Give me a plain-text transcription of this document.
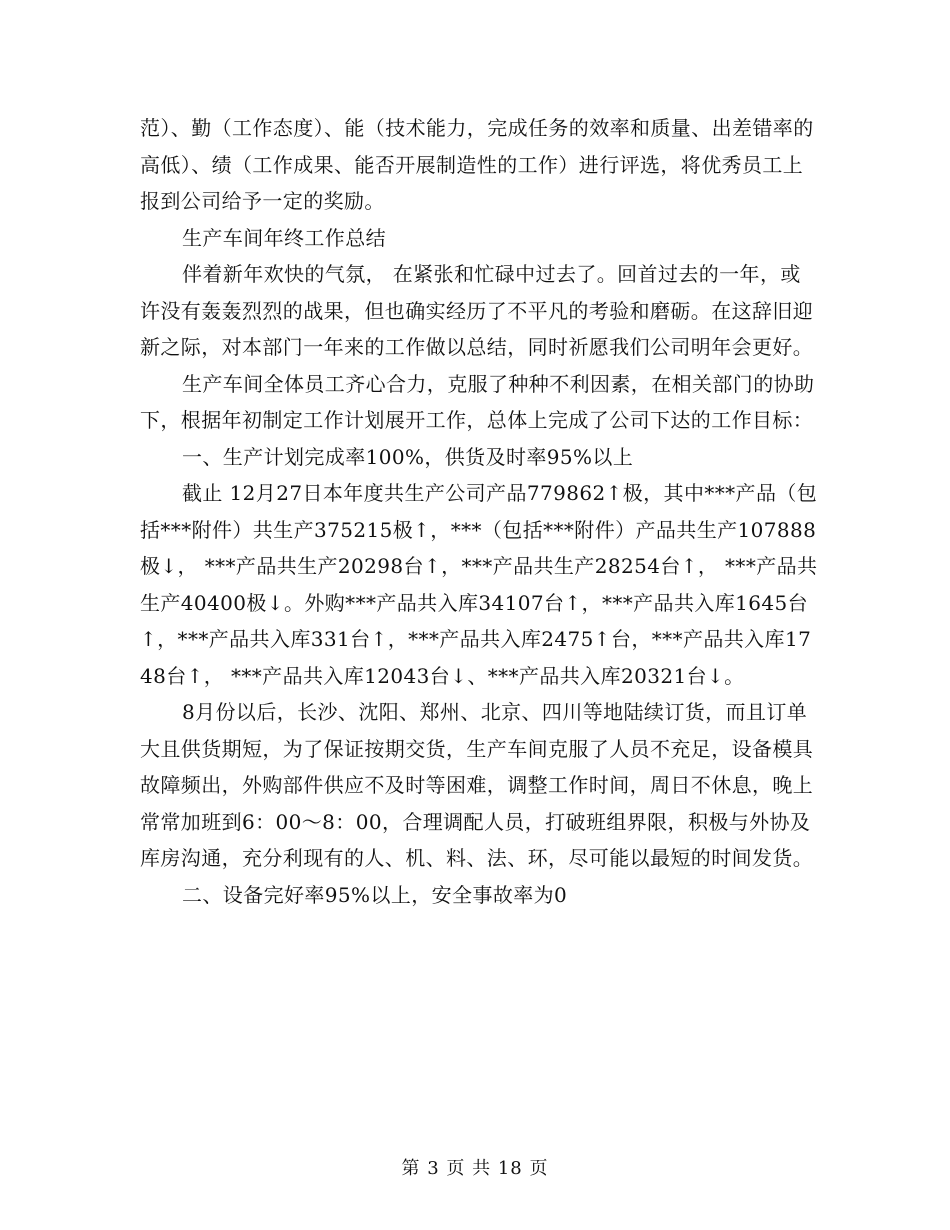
范）、勤（工作态度）、能（技术能力，完成任务的效率和质量、出差错率的高低）、绩（工作成果、能否开展制造性的工作）进行评选，将优秀员工上报到公司给予一定的奖励。

生产车间年终工作总结

伴着新年欢快的气氛， 在紧张和忙碌中过去了。回首过去的一年，或许没有轰轰烈烈的战果，但也确实经历了不平凡的考验和磨砺。在这辞旧迎新之际，对本部门一年来的工作做以总结，同时祈愿我们公司明年会更好。

生产车间全体员工齐心合力，克服了种种不利因素，在相关部门的协助下，根据年初制定工作计划展开工作，总体上完成了公司下达的工作目标：

一、生产计划完成率100%，供货及时率95%以上

截止 12月27日本年度共生产公司产品779862↑极，其中***产品（包括***附件）共生产375215极↑，***（包括***附件）产品共生产107888极↓， ***产品共生产20298台↑，***产品共生产28254台↑， ***产品共生产40400极↓。外购***产品共入库34107台↑，***产品共入库1645台↑，***产品共入库331台↑，***产品共入库2475↑台，***产品共入库1748台↑， ***产品共入库12043台↓、***产品共入库20321台↓。

8月份以后，长沙、沈阳、郑州、北京、四川等地陆续订货，而且订单大且供货期短，为了保证按期交货，生产车间克服了人员不充足，设备模具故障频出，外购部件供应不及时等困难，调整工作时间，周日不休息，晚上常常加班到6：00～8：00，合理调配人员，打破班组界限，积极与外协及库房沟通，充分利现有的人、机、料、法、环，尽可能以最短的时间发货。

二、设备完好率95%以上，安全事故率为0

第 3 页 共 18 页
